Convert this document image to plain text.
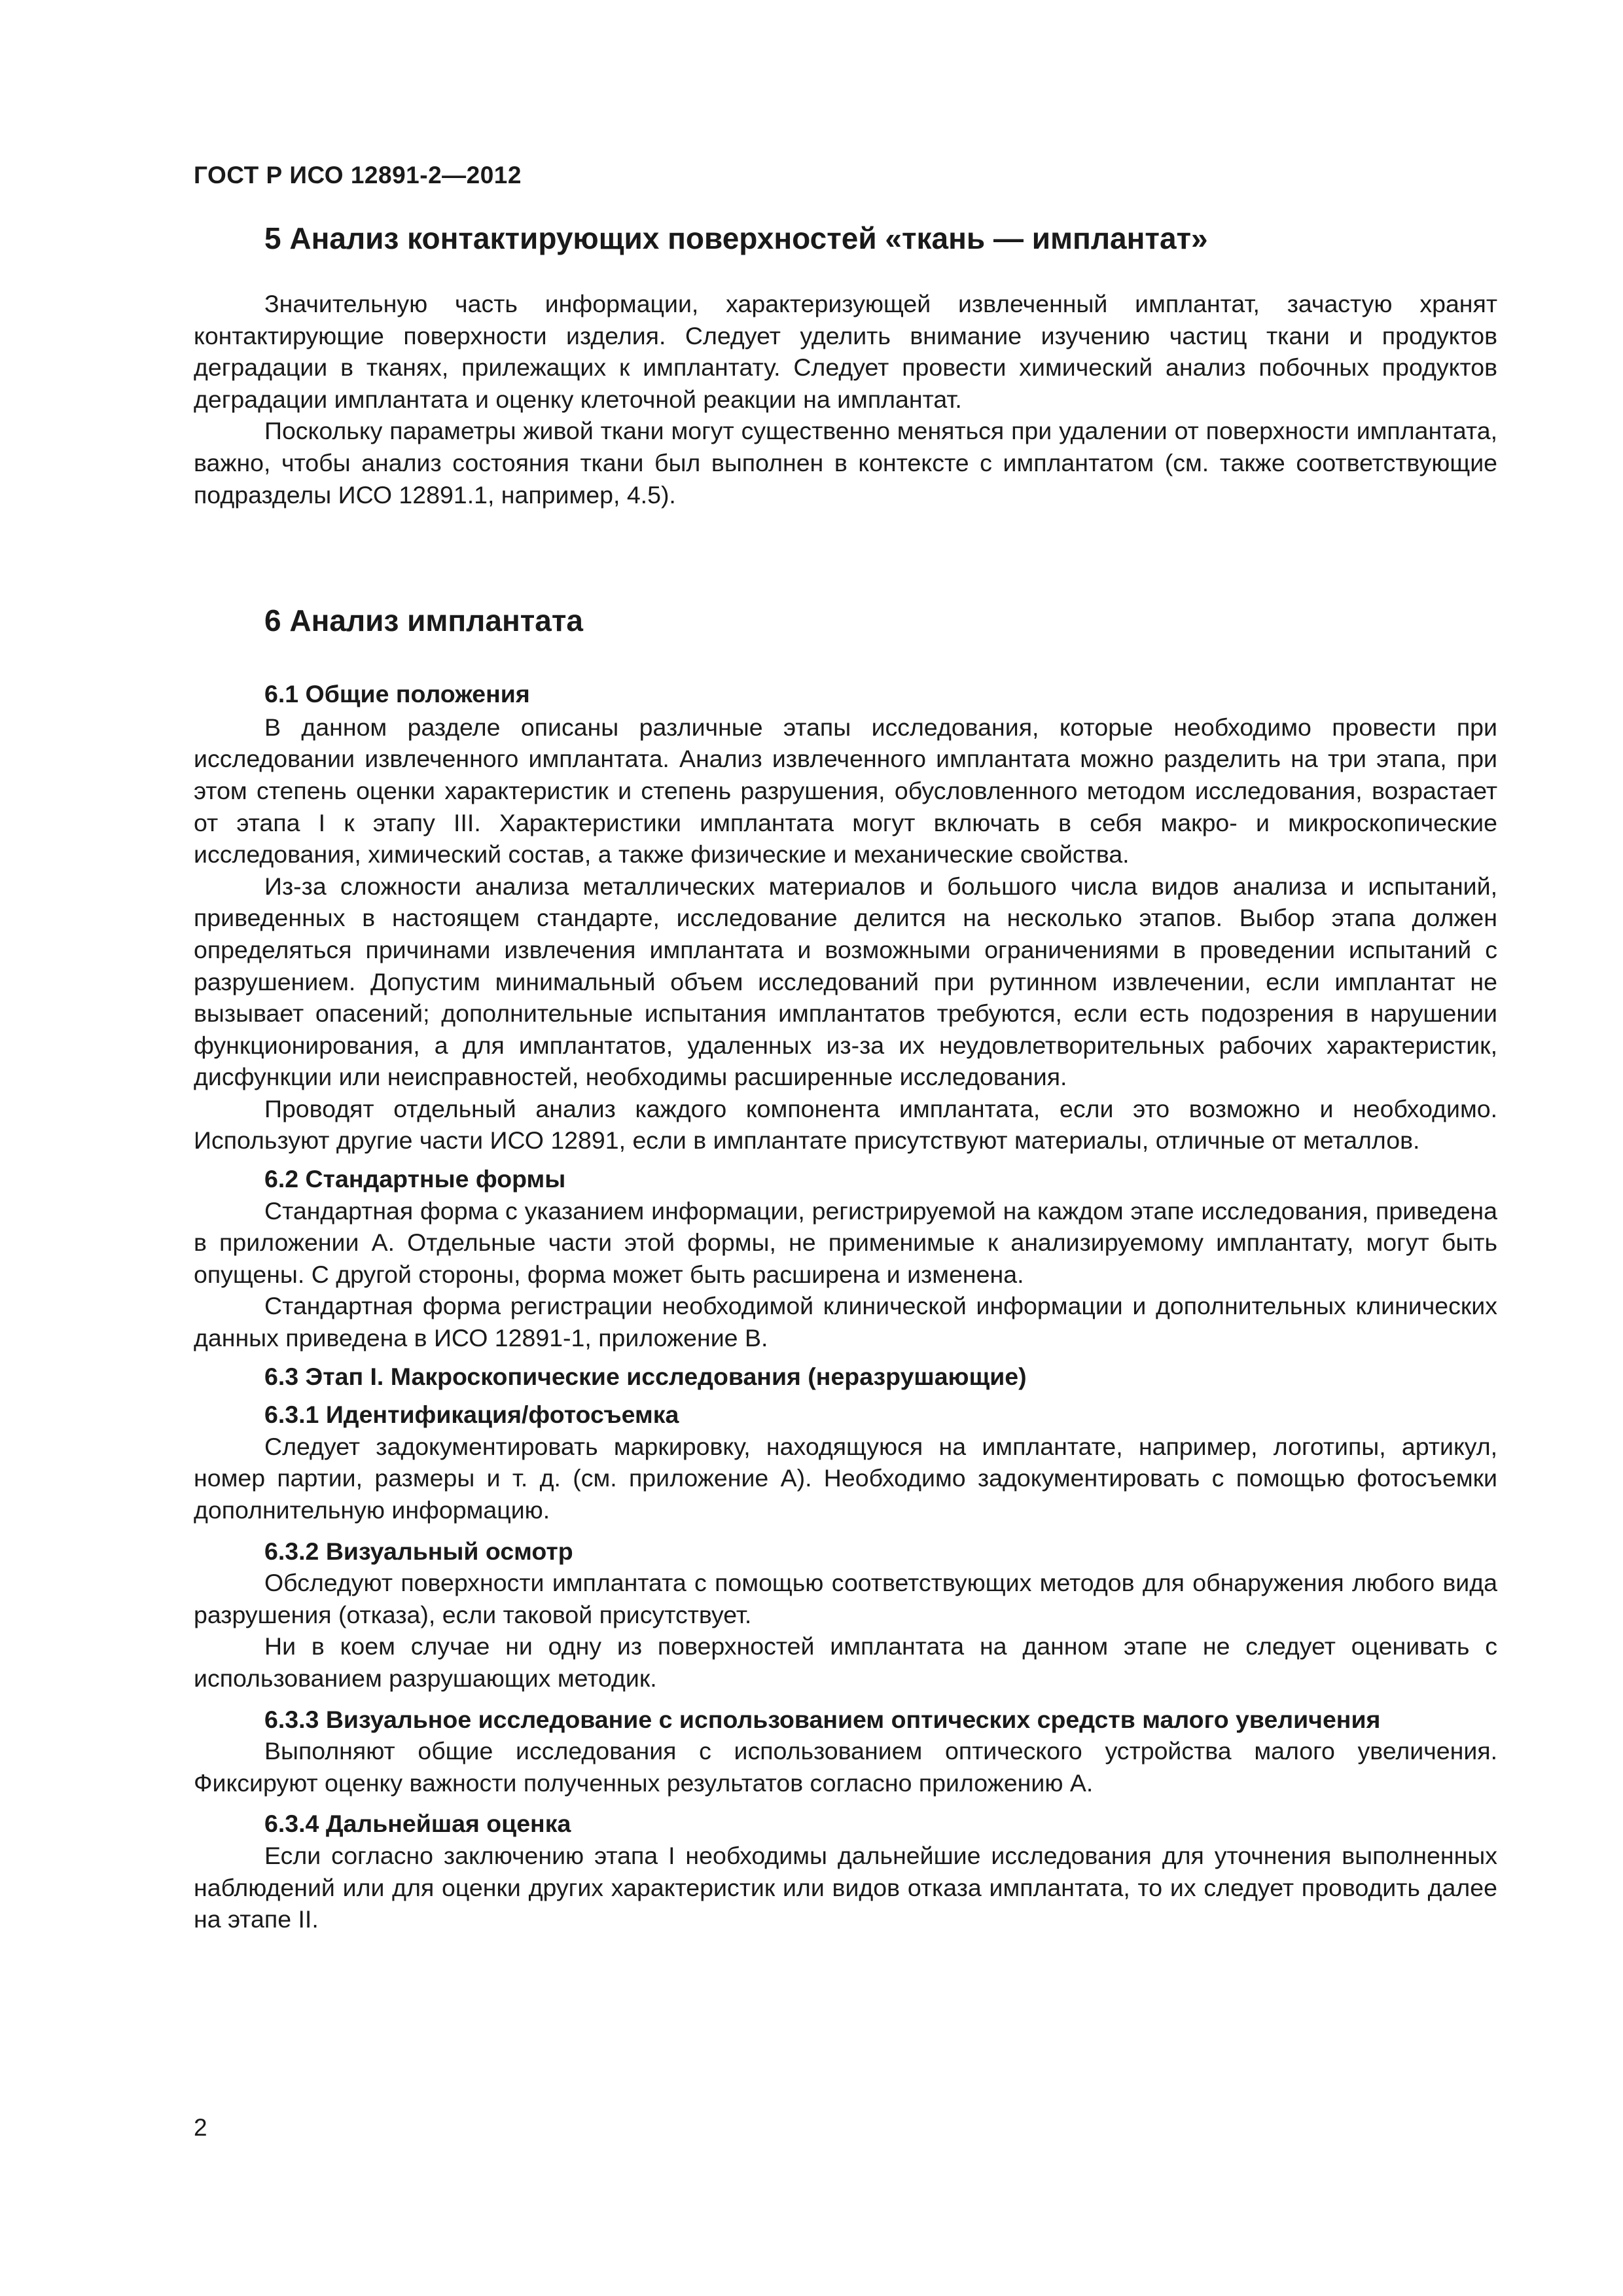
ГОСТ Р ИСО 12891-2—2012
5 Анализ контактирующих поверхностей «ткань — имплантат»

Значительную часть информации, характеризующей извлеченный имплантат, зачастую хранят контактирующие поверхности изделия. Следует уделить внимание изучению частиц ткани и продуктов деградации в тканях, прилежащих к имплантату. Следует провести химический анализ побочных продуктов деградации имплантата и оценку клеточной реакции на имплантат.

Поскольку параметры живой ткани могут существенно меняться при удалении от поверхности имплантата, важно, чтобы анализ состояния ткани был выполнен в контексте с имплантатом (см. также соответствующие подразделы ИСО 12891.1, например, 4.5).

6 Анализ имплантата
6.1 Общие положения

В данном разделе описаны различные этапы исследования, которые необходимо провести при исследовании извлеченного имплантата. Анализ извлеченного имплантата можно разделить на три этапа, при этом степень оценки характеристик и степень разрушения, обусловленного методом исследования, возрастает от этапа I к этапу III. Характеристики имплантата могут включать в себя макро- и микроскопические исследования, химический состав, а также физические и механические свойства.

Из-за сложности анализа металлических материалов и большого числа видов анализа и испытаний, приведенных в настоящем стандарте, исследование делится на несколько этапов. Выбор этапа должен определяться причинами извлечения имплантата и возможными ограничениями в проведении испытаний с разрушением. Допустим минимальный объем исследований при рутинном извлечении, если имплантат не вызывает опасений; дополнительные испытания имплантатов требуются, если есть подозрения в нарушении функционирования, а для имплантатов, удаленных из-за их неудовлетворительных рабочих характеристик, дисфункции или неисправностей, необходимы расширенные исследования.

Проводят отдельный анализ каждого компонента имплантата, если это возможно и необходимо. Используют другие части ИСО 12891, если в имплантате присутствуют материалы, отличные от металлов.

6.2 Стандартные формы

Стандартная форма с указанием информации, регистрируемой на каждом этапе исследования, приведена в приложении А. Отдельные части этой формы, не применимые к анализируемому имплантату, могут быть опущены. С другой стороны, форма может быть расширена и изменена.

Стандартная форма регистрации необходимой клинической информации и дополнительных клинических данных приведена в ИСО 12891-1, приложение В.

6.3 Этап I. Макроскопические исследования (неразрушающие)
6.3.1 Идентификация/фотосъемка

Следует задокументировать маркировку, находящуюся на имплантате, например, логотипы, артикул, номер партии, размеры и т. д. (см. приложение А). Необходимо задокументировать с помощью фотосъемки дополнительную информацию.

6.3.2 Визуальный осмотр

Обследуют поверхности имплантата с помощью соответствующих методов для обнаружения любого вида разрушения (отказа), если таковой присутствует.

Ни в коем случае ни одну из поверхностей имплантата на данном этапе не следует оценивать с использованием разрушающих методик.

6.3.3 Визуальное исследование с использованием оптических средств малого увеличения

Выполняют общие исследования с использованием оптического устройства малого увеличения. Фиксируют оценку важности полученных результатов согласно приложению А.

6.3.4 Дальнейшая оценка

Если согласно заключению этапа I необходимы дальнейшие исследования для уточнения выполненных наблюдений или для оценки других характеристик или видов отказа имплантата, то их следует проводить далее на этапе II.

2
